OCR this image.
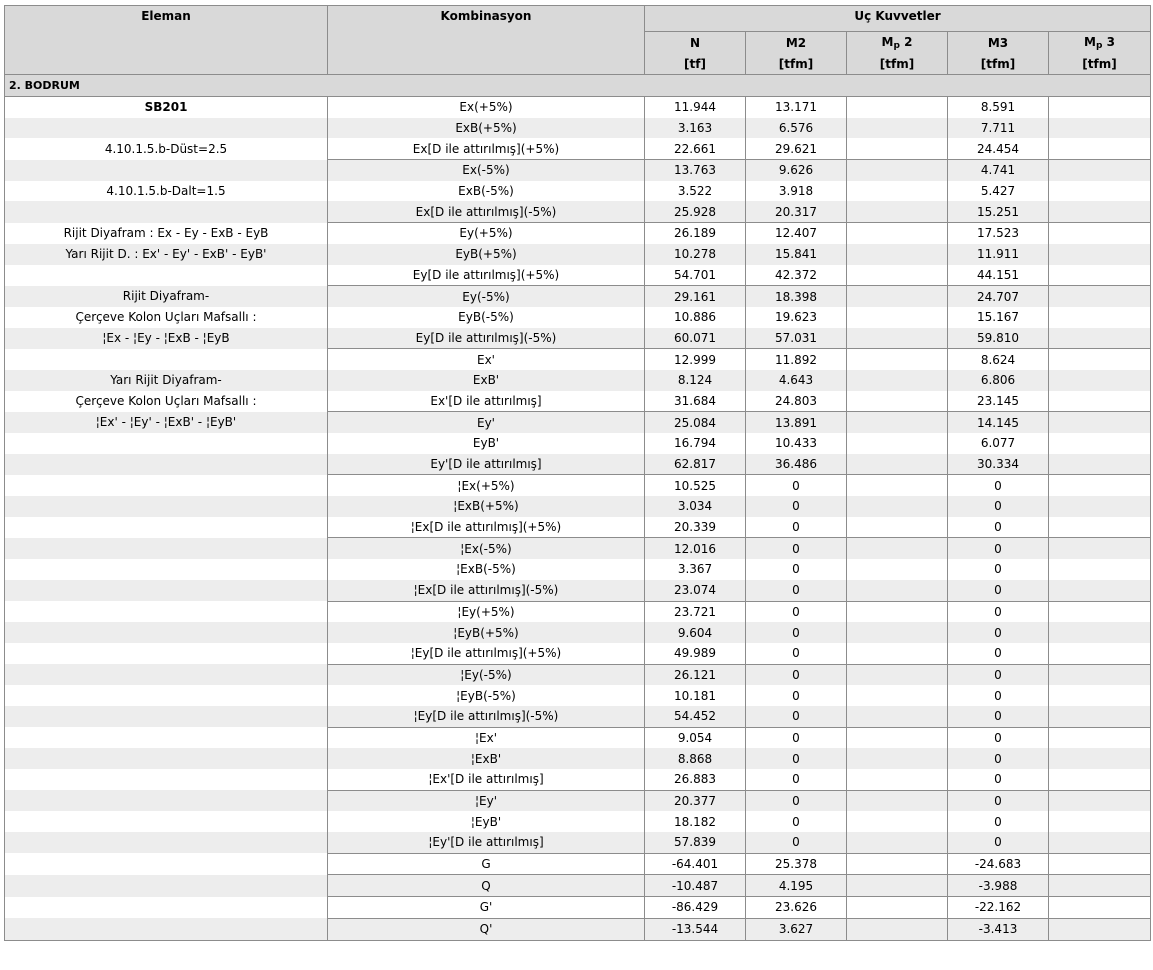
Eleman	Kombinasyon	Uç Kuvvetler				
		N	M2	$M_p$ 2	M3	$M_p$ 3
		[tf]	[tfm]	[tfm]	[tfm]	[tfm]
2. BODRUM						
SB201	Ex(+5%)	11.944	13.171		8.591	
	ExB(+5%)	3.163	6.576		7.711	
4.10.1.5.b-Düst=2.5	Ex[D ile attırılmış](+5%)	22.661	29.621		24.454	
	Ex(-5%)	13.763	9.626		4.741	
4.10.1.5.b-Dalt=1.5	ExB(-5%)	3.522	3.918		5.427	
	Ex[D ile attırılmış](-5%)	25.928	20.317		15.251	
Rijit Diyafram : Ex - Ey - ExB - EyB	Ey(+5%)	26.189	12.407		17.523	
Yarı Rijit D. : Ex' - Ey' - ExB' - EyB'	EyB(+5%)	10.278	15.841		11.911	
	Ey[D ile attırılmış](+5%)	54.701	42.372		44.151	
Rijit Diyafram-	Ey(-5%)	29.161	18.398		24.707	
Çerçeve Kolon Uçları Mafsallı :	EyB(-5%)	10.886	19.623		15.167	
¦Ex - ¦Ey - ¦ExB - ¦EyB	Ey[D ile attırılmış](-5%)	60.071	57.031		59.810	
	Ex'	12.999	11.892		8.624	
Yarı Rijit Diyafram-	ExB'	8.124	4.643		6.806	
Çerçeve Kolon Uçları Mafsallı :	Ex'[D ile attırılmış]	31.684	24.803		23.145	
¦Ex' - ¦Ey' - ¦ExB' - ¦EyB'	Ey'	25.084	13.891		14.145	
	EyB'	16.794	10.433		6.077	
	Ey'[D ile attırılmış]	62.817	36.486		30.334	
	¦Ex(+5%)	10.525	0		0	
	¦ExB(+5%)	3.034	0		0	
	¦Ex[D ile attırılmış](+5%)	20.339	0		0	
	¦Ex(-5%)	12.016	0		0	
	¦ExB(-5%)	3.367	0		0	
	¦Ex[D ile attırılmış](-5%)	23.074	0		0	
	¦Ey(+5%)	23.721	0		0	
	¦EyB(+5%)	9.604	0		0	
	¦Ey[D ile attırılmış](+5%)	49.989	0		0	
	¦Ey(-5%)	26.121	0		0	
	¦EyB(-5%)	10.181	0		0	
	¦Ey[D ile attırılmış](-5%)	54.452	0		0	
	¦Ex'	9.054	0		0	
	¦ExB'	8.868	0		0	
	¦Ex'[D ile attırılmış]	26.883	0		0	
	¦Ey'	20.377	0		0	
	¦EyB'	18.182	0		0	
	¦Ey'[D ile attırılmış]	57.839	0		0	
	G	-64.401	25.378		-24.683	
	Q	-10.487	4.195		-3.988	
	G'	-86.429	23.626		-22.162	
	Q'	-13.544	3.627		-3.413	
